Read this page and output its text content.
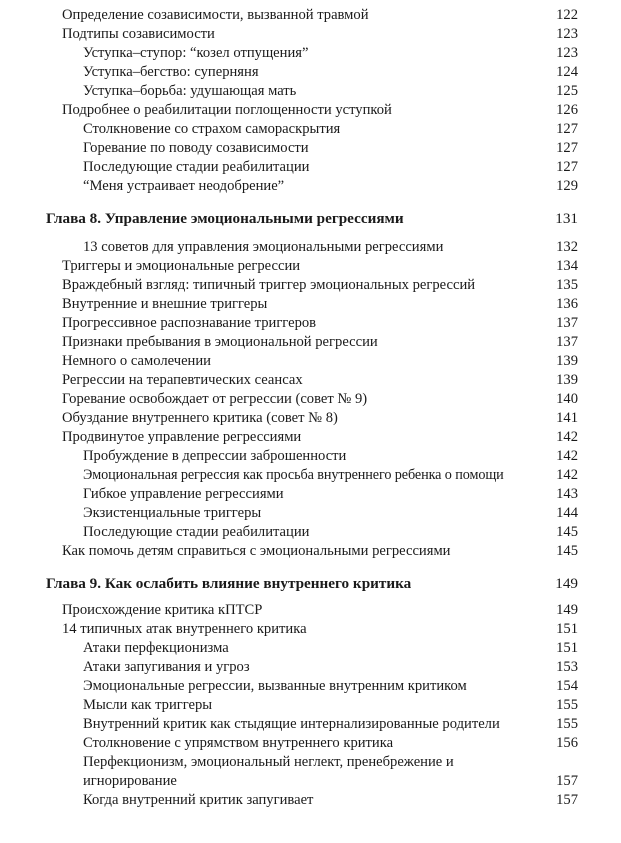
Определение созависимости, вызванной травмой	122
Подтипы созависимости	123
Уступка–ступор: “козел отпущения”	123
Уступка–бегство: суперняня	124
Уступка–борьба: удушающая мать	125
Подробнее о реабилитации поглощенности уступкой	126
Столкновение со страхом самораскрытия	127
Горевание по поводу созависимости	127
Последующие стадии реабилитации	127
“Меня устраивает неодобрение”	129
Глава 8. Управление эмоциональными регрессиями	131
13 советов для управления эмоциональными регрессиями	132
Триггеры и эмоциональные регрессии	134
Враждебный взгляд: типичный триггер эмоциональных регрессий	135
Внутренние и внешние триггеры	136
Прогрессивное распознавание триггеров	137
Признаки пребывания в эмоциональной регрессии	137
Немного о самолечении	139
Регрессии на терапевтических сеансах	139
Горевание освобождает от регрессии (совет № 9)	140
Обуздание внутреннего критика (совет № 8)	141
Продвинутое управление регрессиями	142
Пробуждение в депрессии заброшенности	142
Эмоциональная регрессия как просьба внутреннего ребенка о помощи	142
Гибкое управление регрессиями	143
Экзистенциальные триггеры	144
Последующие стадии реабилитации	145
Как помочь детям справиться с эмоциональными регрессиями	145
Глава 9. Как ослабить влияние внутреннего критика	149
Происхождение критика кПТСР	149
14 типичных атак внутреннего критика	151
Атаки перфекционизма	151
Атаки запугивания и угроз	153
Эмоциональные регрессии, вызванные внутренним критиком	154
Мысли как триггеры	155
Внутренний критик как стыдящие интернализированные родители	155
Столкновение с упрямством внутреннего критика	156
Перфекционизм, эмоциональный неглект, пренебрежение и игнорирование	157
Когда внутренний критик запугивает	157
